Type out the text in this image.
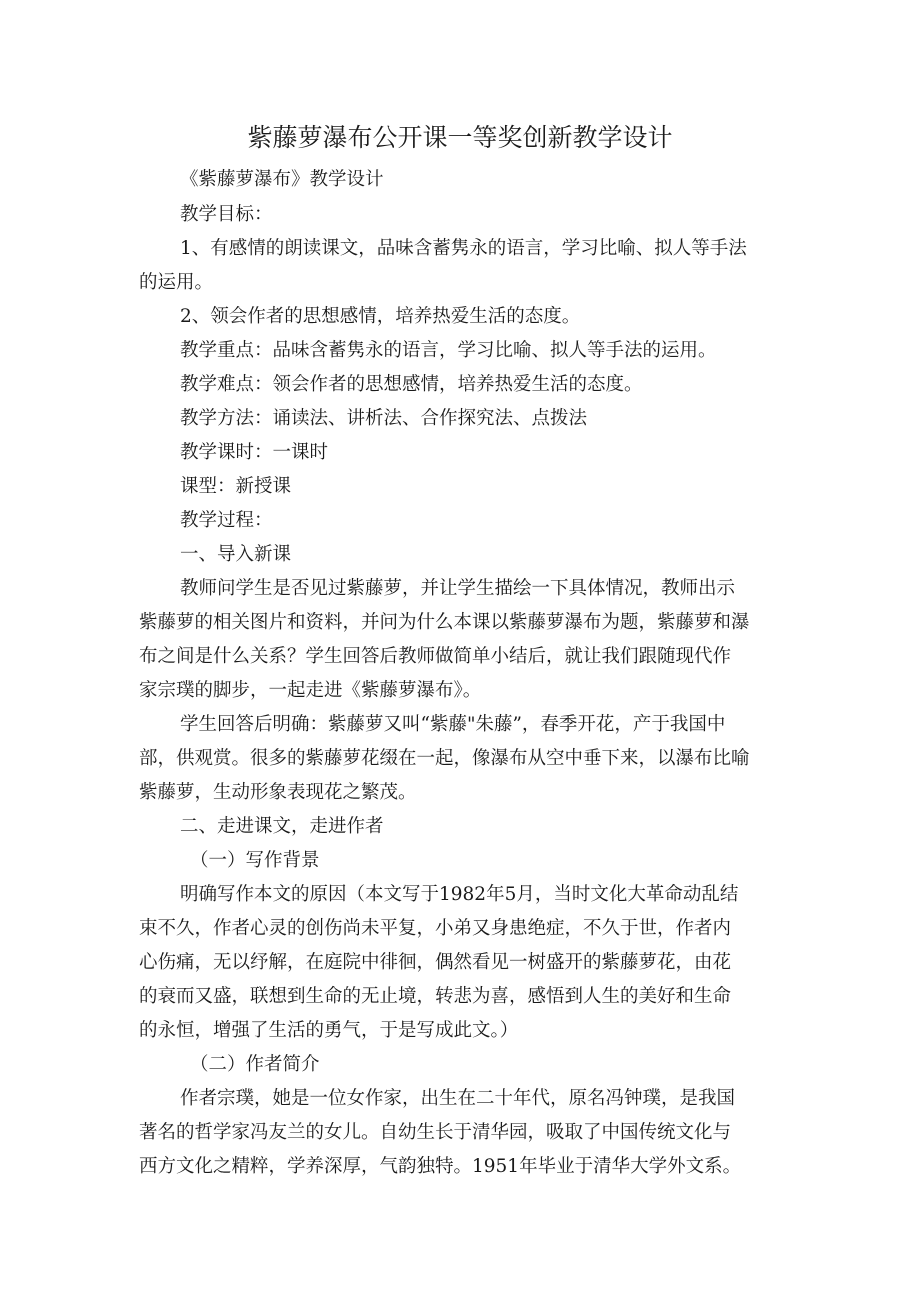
紫藤萝瀑布公开课一等奖创新教学设计
《紫藤萝瀑布》教学设计
教学目标：
1、有感情的朗读课文，品味含蓄隽永的语言，学习比喻、拟人等手法
的运用。
2、领会作者的思想感情，培养热爱生活的态度。
教学重点：品味含蓄隽永的语言，学习比喻、拟人等手法的运用。
教学难点：领会作者的思想感情，培养热爱生活的态度。
教学方法：诵读法、讲析法、合作探究法、点拨法
教学课时：一课时
课型：新授课
教学过程：
一、导入新课
教师问学生是否见过紫藤萝，并让学生描绘一下具体情况，教师出示
紫藤萝的相关图片和资料，并问为什么本课以紫藤萝瀑布为题，紫藤萝和瀑
布之间是什么关系？学生回答后教师做简单小结后，就让我们跟随现代作
家宗璞的脚步，一起走进《紫藤萝瀑布》。
学生回答后明确：紫藤萝又叫“紫藤"朱藤”，春季开花，产于我国中
部，供观赏。很多的紫藤萝花缀在一起，像瀑布从空中垂下来，以瀑布比喻
紫藤萝，生动形象表现花之繁茂。
二、走进课文，走进作者
（一）写作背景
明确写作本文的原因（本文写于1982年5月，当时文化大革命动乱结
束不久，作者心灵的创伤尚未平复，小弟又身患绝症，不久于世，作者内
心伤痛，无以纾解，在庭院中徘徊，偶然看见一树盛开的紫藤萝花，由花
的衰而又盛，联想到生命的无止境，转悲为喜，感悟到人生的美好和生命
的永恒，增强了生活的勇气，于是写成此文。）
（二）作者简介
作者宗璞，她是一位女作家，出生在二十年代，原名冯钟璞，是我国
著名的哲学家冯友兰的女儿。自幼生长于清华园，吸取了中国传统文化与
西方文化之精粹，学养深厚，气韵独特。1951年毕业于清华大学外文系。
